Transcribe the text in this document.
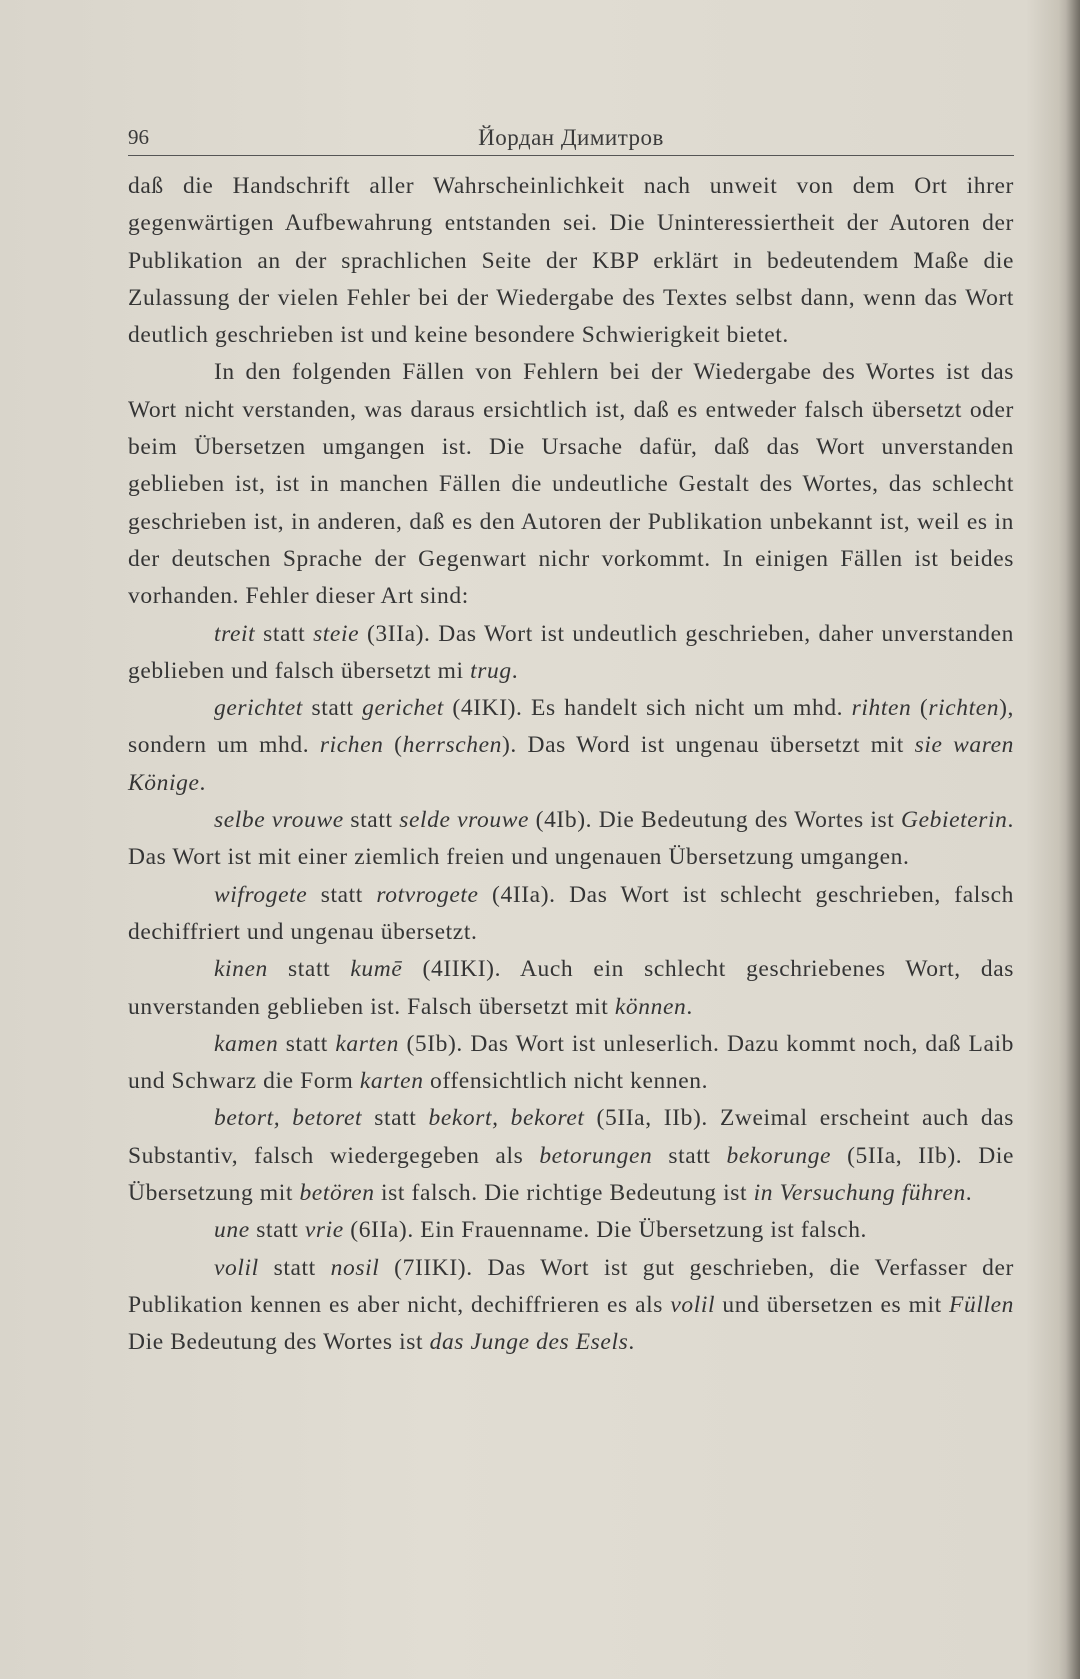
96	Йордан Димитров

daß die Handschrift aller Wahrscheinlichkeit nach unweit von dem Ort ihrer gegenwärtigen Aufbewahrung entstanden sei. Die Uninteressiertheit der Autoren der Publikation an der sprachlichen Seite der KBP erklärt in bedeutendem Maße die Zulassung der vielen Fehler bei der Wiedergabe des Textes selbst dann, wenn das Wort deutlich geschrieben ist und keine besondere Schwierigkeit bietet.

In den folgenden Fällen von Fehlern bei der Wiedergabe des Wortes ist das Wort nicht verstanden, was daraus ersichtlich ist, daß es entweder falsch übersetzt oder beim Übersetzen umgangen ist. Die Ursache dafür, daß das Wort unverstanden geblieben ist, ist in manchen Fällen die undeutliche Gestalt des Wortes, das schlecht geschrieben ist, in anderen, daß es den Autoren der Publikation unbekannt ist, weil es in der deutschen Sprache der Gegenwart nichr vorkommt. In einigen Fällen ist beides vorhanden. Fehler dieser Art sind:

treit statt steie (3IIa). Das Wort ist undeutlich geschrieben, daher unverstanden geblieben und falsch übersetzt mi trug.

gerichtet statt gerichet (4IKI). Es handelt sich nicht um mhd. rihten (richten), sondern um mhd. richen (herrschen). Das Word ist ungenau übersetzt mit sie waren Könige.

selbe vrouwe statt selde vrouwe (4Ib). Die Bedeutung des Wortes ist Gebieterin. Das Wort ist mit einer ziemlich freien und ungenauen Übersetzung umgangen.

wifrogete statt rotvrogete (4IIa). Das Wort ist schlecht geschrieben, falsch dechiffriert und ungenau übersetzt.

kinen statt kumē (4IIKI). Auch ein schlecht geschriebenes Wort, das unverstanden geblieben ist. Falsch übersetzt mit können.

kamen statt karten (5Ib). Das Wort ist unleserlich. Dazu kommt noch, daß Laib und Schwarz die Form karten offensichtlich nicht kennen.

betort, betoret statt bekort, bekoret (5IIa, IIb). Zweimal erscheint auch das Substantiv, falsch wiedergegeben als betorungen statt bekorunge (5IIa, IIb). Die Übersetzung mit betören ist falsch. Die richtige Bedeutung ist in Versuchung führen.

une statt vrie (6IIa). Ein Frauenname. Die Übersetzung ist falsch.

volil statt nosil (7IIKI). Das Wort ist gut geschrieben, die Verfasser der Publikation kennen es aber nicht, dechiffrieren es als volil und übersetzen es mit Füllen Die Bedeutung des Wortes ist das Junge des Esels.
